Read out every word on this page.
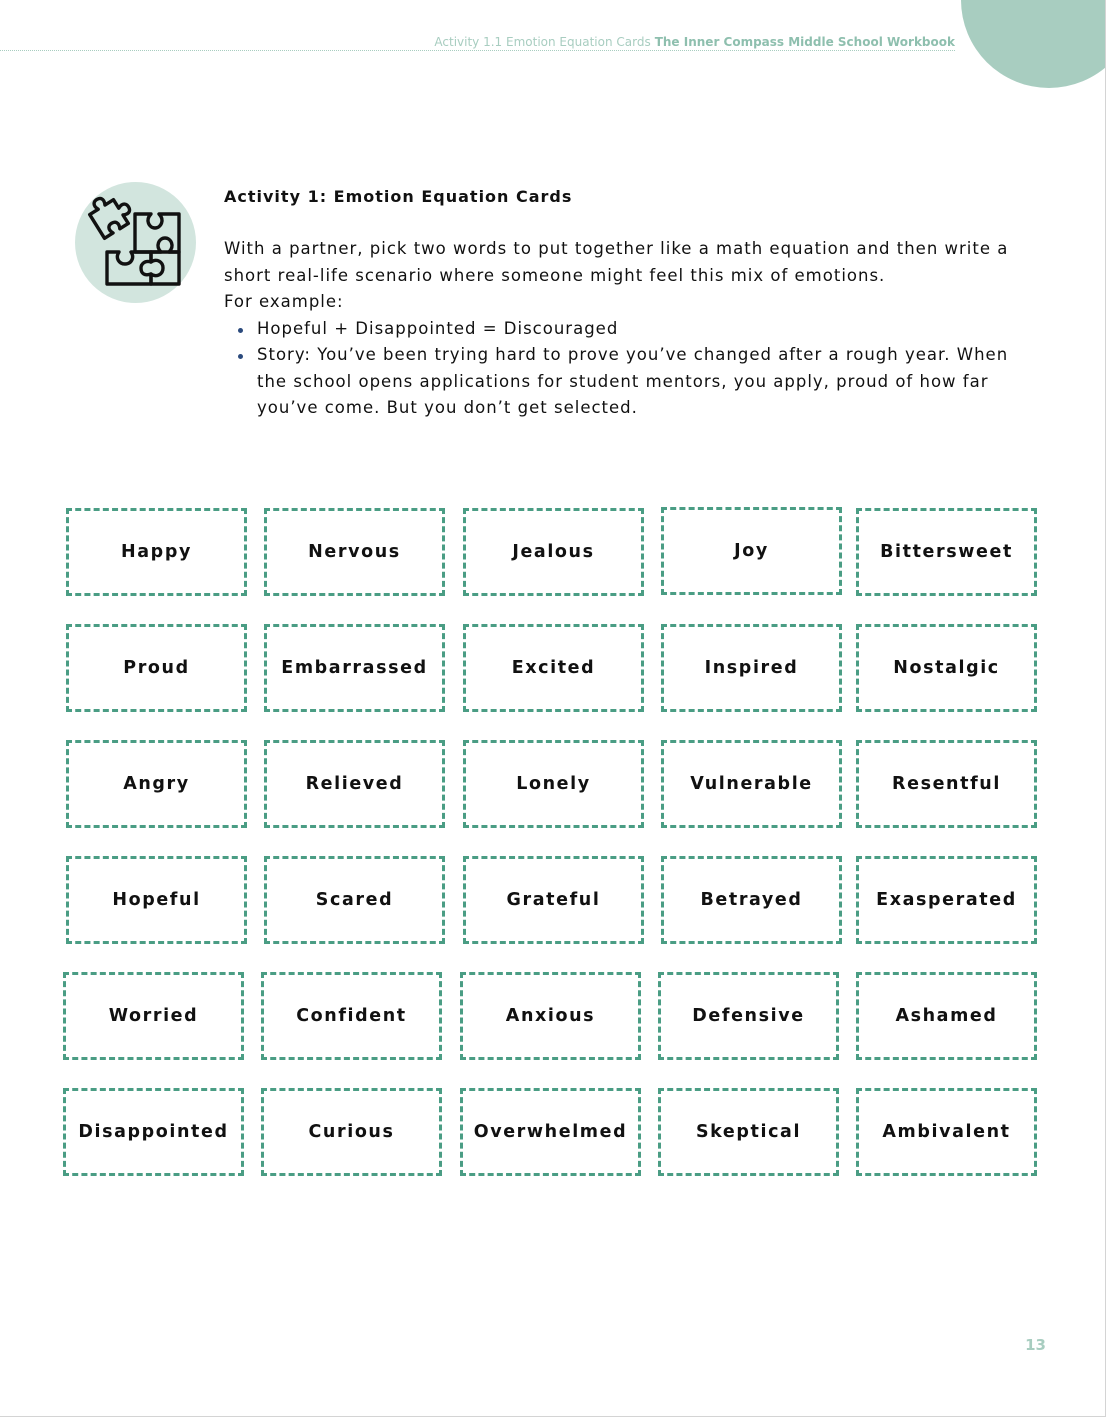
Activity 1.1 Emotion Equation Cards The Inner Compass Middle School Workbook
Activity 1: Emotion Equation Cards

With a partner, pick two words to put together like a math equation and then write a short real-life scenario where someone might feel this mix of emotions.

For example:

Hopeful + Disappointed = Discouraged
Story: You’ve been trying hard to prove you’ve changed after a rough year. When the school opens applications for student mentors, you apply, proud of how far you’ve come. But you don’t get selected.
Happy	Nervous	Jealous	Joy	Bittersweet
Proud	Embarrassed	Excited	Inspired	Nostalgic
Angry	Relieved	Lonely	Vulnerable	Resentful
Hopeful	Scared	Grateful	Betrayed	Exasperated
Worried	Confident	Anxious	Defensive	Ashamed
Disappointed	Curious	Overwhelmed	Skeptical	Ambivalent
13
